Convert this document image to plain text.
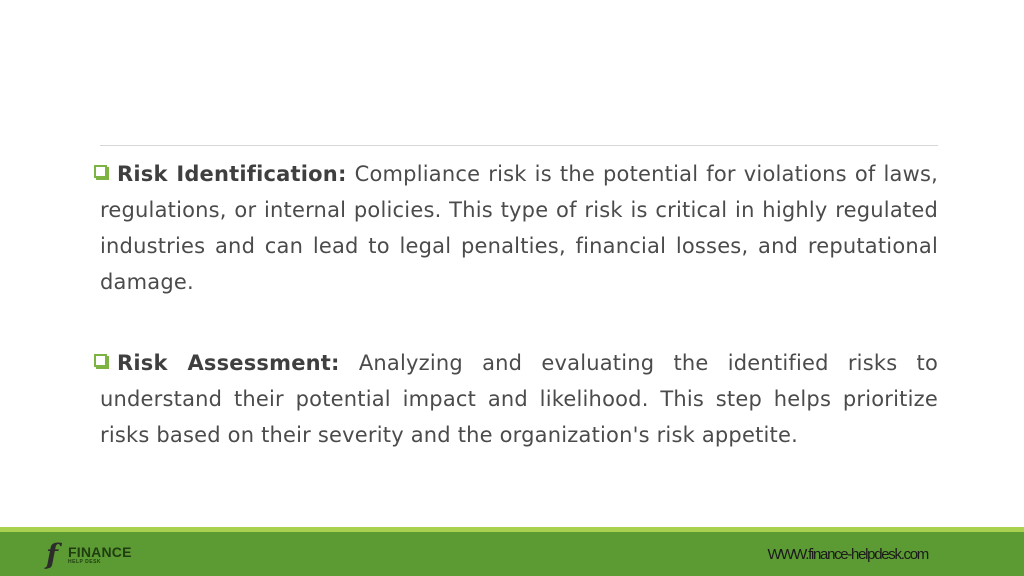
Risk Identification: Compliance risk is the potential for violations of laws, regulations, or internal policies. This type of risk is critical in highly regulated industries and can lead to legal penalties, financial losses, and reputational damage.

Risk Assessment: Analyzing and evaluating the identified risks to understand their potential impact and likelihood. This step helps prioritize risks based on their severity and the organization's risk appetite.

f FINANCE
HELP DESK	WWW.finance-helpdesk.com
